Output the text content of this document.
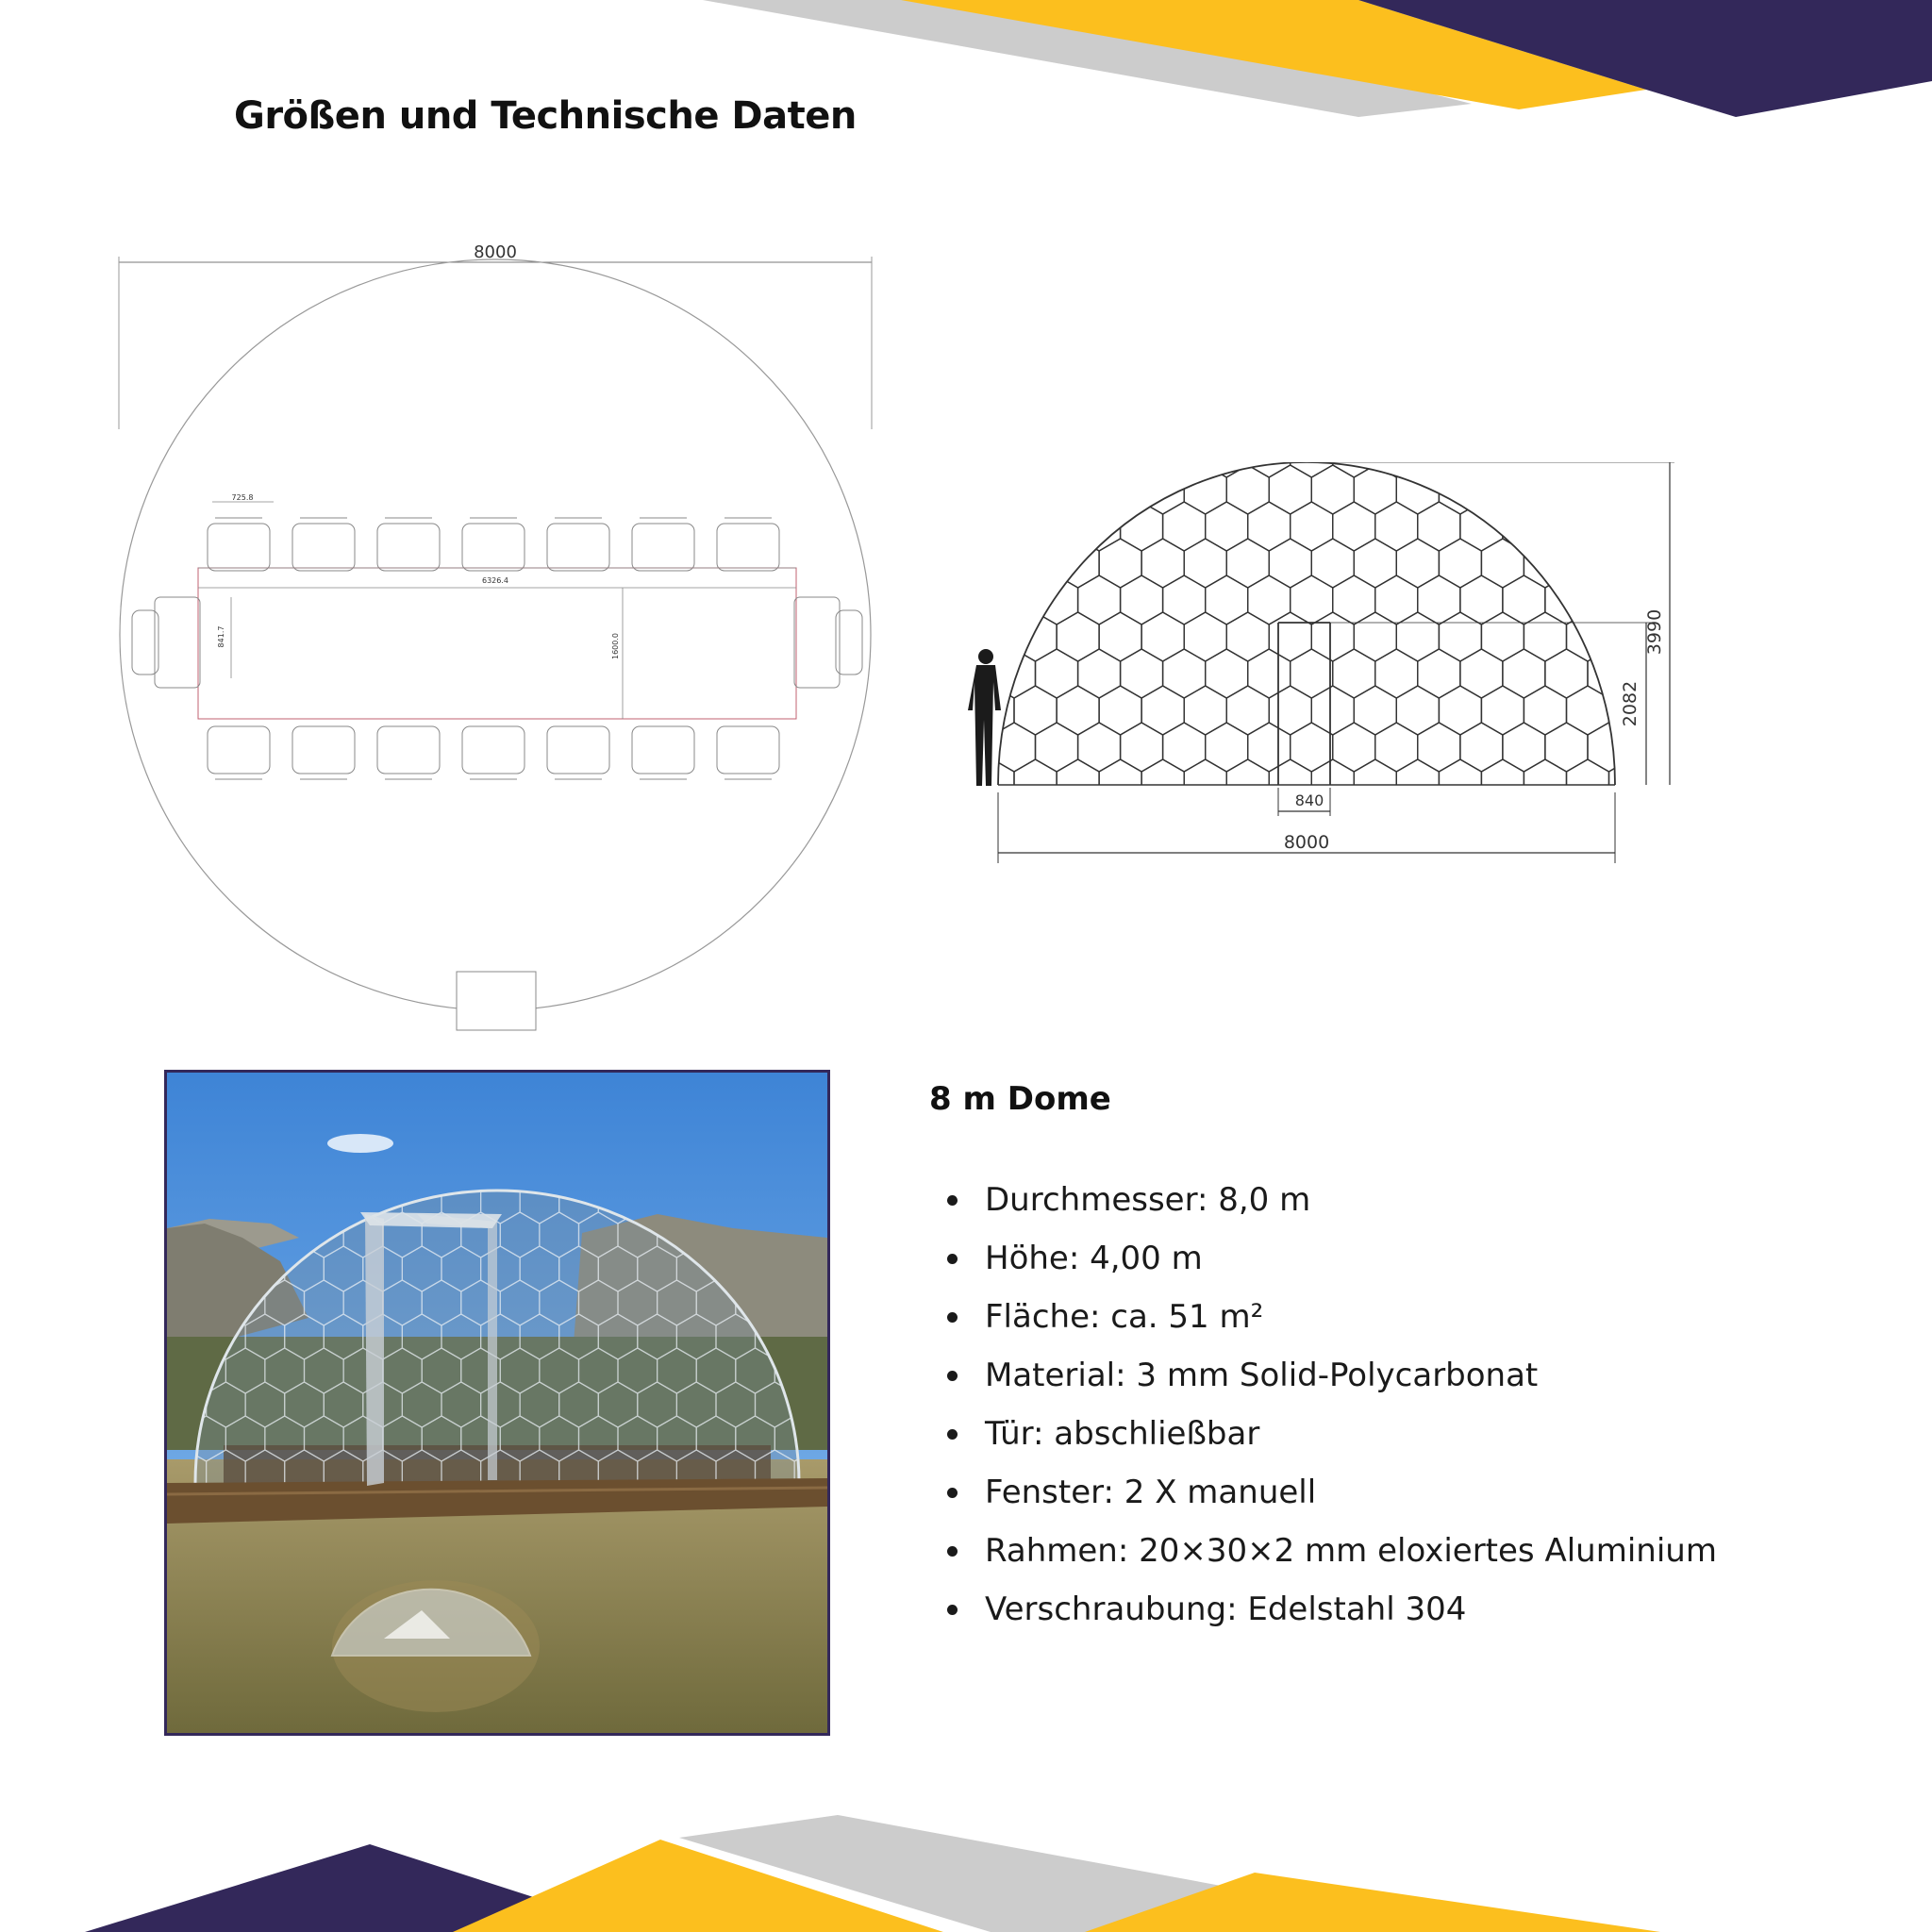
Größen und Technische Daten
8000
6326.4
1600.0
725.8
841.7
8000
840
2082
3990
8 m Dome
Durchmesser: 8,0 m
Höhe: 4,00 m
Fläche: ca. 51 m²
Material: 3 mm Solid-Polycarbonat
Tür: abschließbar
Fenster: 2 X manuell
Rahmen: 20×30×2 mm eloxiertes Aluminium
Verschraubung: Edelstahl 304
